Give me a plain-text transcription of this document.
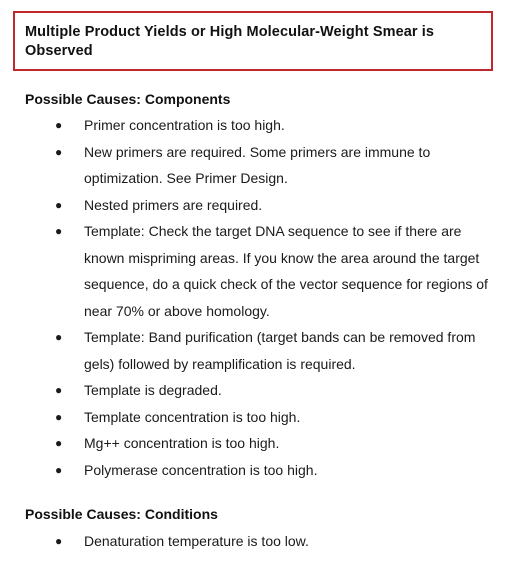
Multiple Product Yields or High Molecular-Weight Smear is Observed
Possible Causes: Components
● Primer concentration is too high.
● New primers are required. Some primers are immune to optimization. See Primer Design.
● Nested primers are required.
● Template: Check the target DNA sequence to see if there are known mispriming areas. If you know the area around the target sequence, do a quick check of the vector sequence for regions of near 70% or above homology.
● Template: Band purification (target bands can be removed from gels) followed by reamplification is required.
● Template is degraded.
● Template concentration is too high.
● Mg++ concentration is too high.
● Polymerase concentration is too high.
Possible Causes: Conditions
● Denaturation temperature is too low.
